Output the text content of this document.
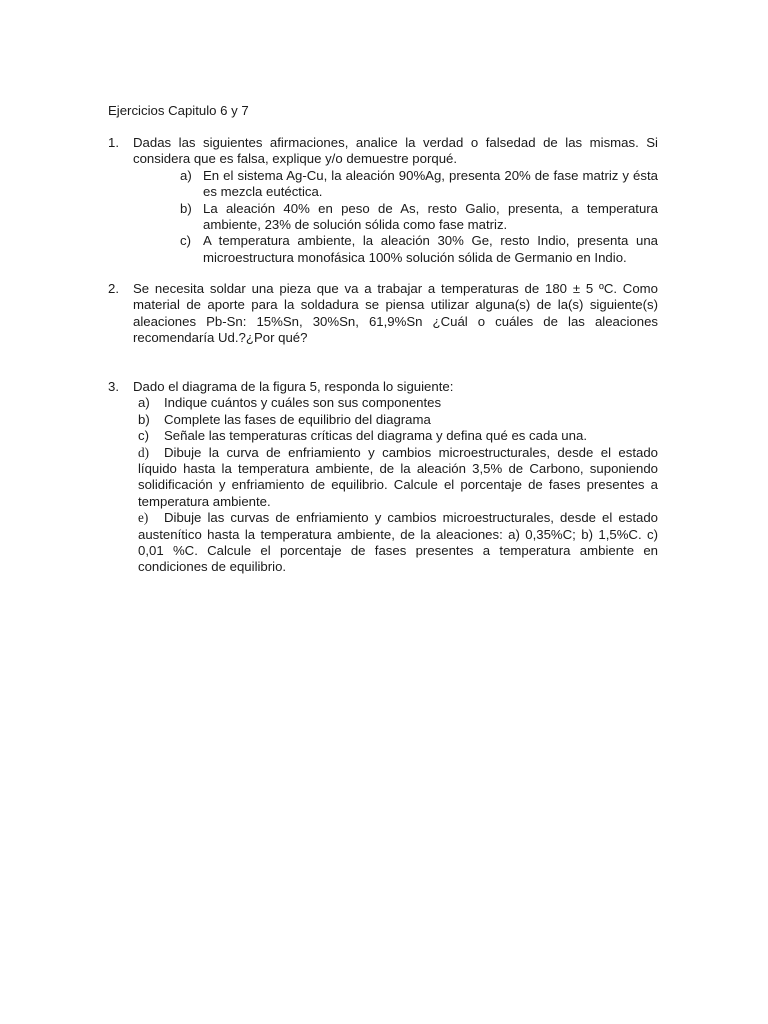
Ejercicios Capitulo 6 y 7
1. Dadas las siguientes afirmaciones, analice la verdad o falsedad de las mismas. Si considera que es falsa, explique y/o demuestre porqué.
a) En el sistema Ag-Cu, la aleación 90%Ag, presenta 20% de fase matriz y ésta es mezcla eutéctica.
b) La aleación 40% en peso de As, resto Galio, presenta, a temperatura ambiente, 23% de solución sólida como fase matriz.
c) A temperatura ambiente, la aleación 30% Ge, resto Indio, presenta una microestructura monofásica 100% solución sólida de Germanio en Indio.
2. Se necesita soldar una pieza que va a trabajar a temperaturas de 180 ± 5 ºC. Como material de aporte para la soldadura se piensa utilizar alguna(s) de la(s) siguiente(s) aleaciones Pb-Sn: 15%Sn, 30%Sn, 61,9%Sn ¿Cuál o cuáles de las aleaciones recomendaría Ud.?¿Por qué?
3. Dado el diagrama de la figura 5, responda lo siguiente:
a) Indique cuántos y cuáles son sus componentes
b) Complete las fases de equilibrio del diagrama
c) Señale las temperaturas críticas del diagrama y defina qué es cada una.
d)	Dibuje la curva de enfriamiento y cambios microestructurales, desde el estado líquido hasta la temperatura ambiente, de la aleación 3,5% de Carbono, suponiendo solidificación y enfriamiento de equilibrio. Calcule el porcentaje de fases presentes a temperatura ambiente.
e)	Dibuje las curvas de enfriamiento y cambios microestructurales, desde el estado austenítico hasta la temperatura ambiente, de la aleaciones: a) 0,35%C; b) 1,5%C. c) 0,01 %C. Calcule el porcentaje de fases presentes a temperatura ambiente en condiciones de equilibrio.
